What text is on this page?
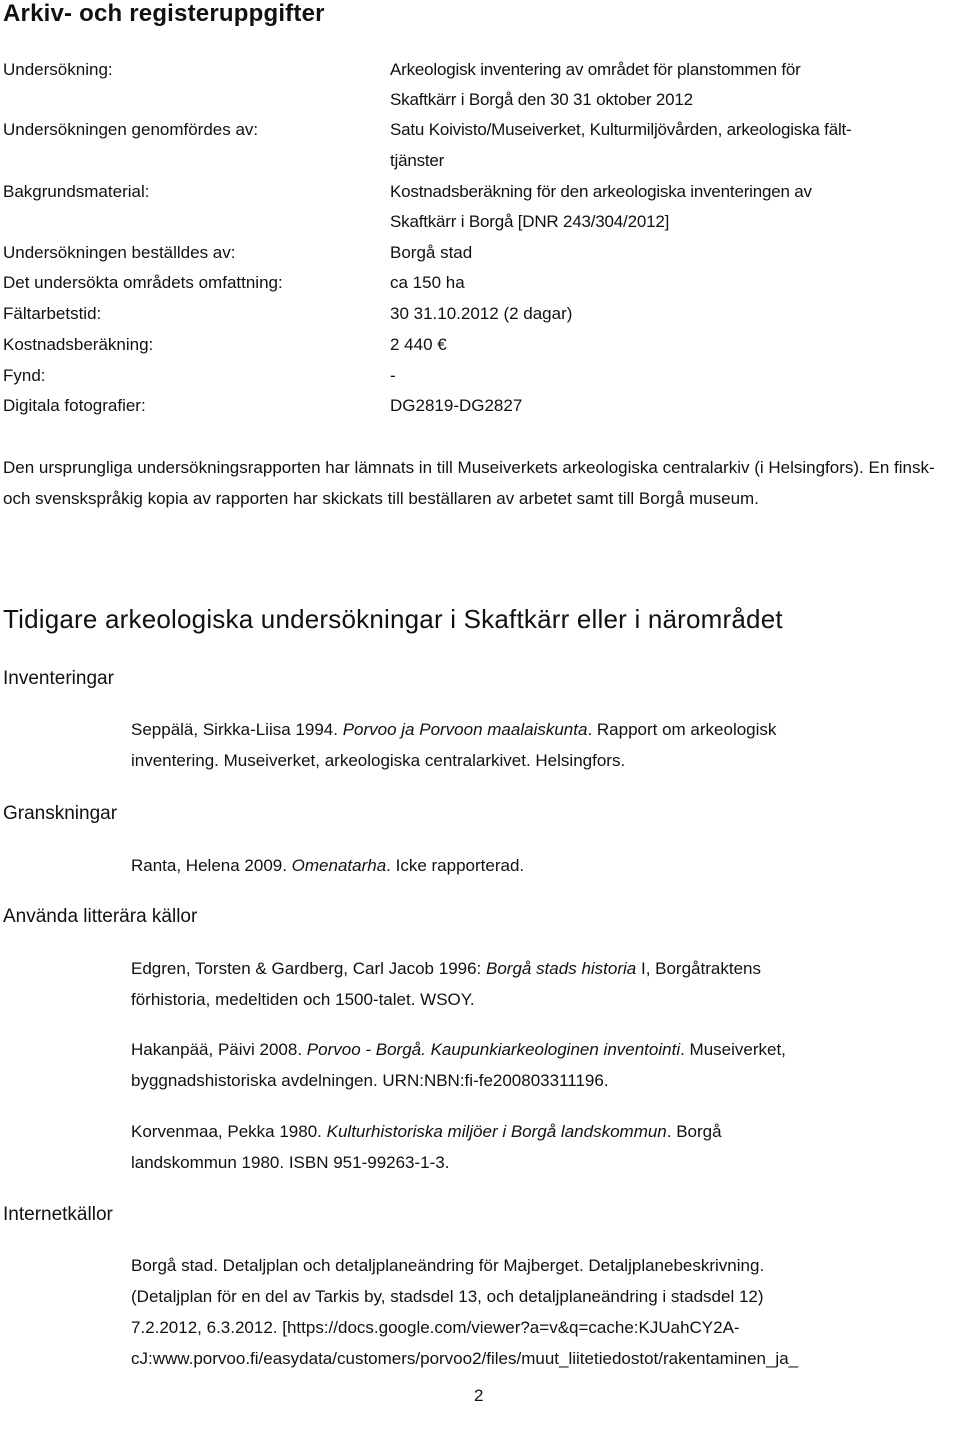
Arkiv- och registeruppgifter
Undersökning:	Arkeologisk inventering av området för planstommen för
Skaftkärr i Borgå den 30 31 oktober 2012
Undersökningen genomfördes av:	Satu Koivisto/Museiverket, Kulturmiljövården, arkeologiska fält-
tjänster
Bakgrundsmaterial:	Kostnadsberäkning för den arkeologiska inventeringen av
Skaftkärr i Borgå [DNR 243/304/2012]
Undersökningen beställdes av:	Borgå stad
Det undersökta områdets omfattning:	ca 150 ha
Fältarbetstid:	30 31.10.2012 (2 dagar)
Kostnadsberäkning:	2 440 €
Fynd:	-
Digitala fotografier:	DG2819-DG2827
Den ursprungliga undersökningsrapporten har lämnats in till Museiverkets arkeologiska centralarkiv (i Helsingfors). En finsk- och svenskspråkig kopia av rapporten har skickats till beställaren av arbetet samt till Borgå museum.
Tidigare arkeologiska undersökningar i Skaftkärr eller i närområdet
Inventeringar
Seppälä, Sirkka-Liisa 1994. Porvoo ja Porvoon maalaiskunta. Rapport om arkeologisk
inventering. Museiverket, arkeologiska centralarkivet. Helsingfors.
Granskningar
Ranta, Helena 2009. Omenatarha. Icke rapporterad.
Använda litterära källor
Edgren, Torsten & Gardberg, Carl Jacob 1996: Borgå stads historia I, Borgåtraktens
förhistoria, medeltiden och 1500-talet. WSOY.
Hakanpää, Päivi 2008. Porvoo - Borgå. Kaupunkiarkeologinen inventointi. Museiverket,
byggnadshistoriska avdelningen. URN:NBN:fi-fe200803311196.
Korvenmaa, Pekka 1980. Kulturhistoriska miljöer i Borgå landskommun. Borgå
landskommun 1980. ISBN 951-99263-1-3.
Internetkällor
Borgå stad. Detaljplan och detaljplaneändring för Majberget. Detaljplanebeskrivning.
(Detaljplan för en del av Tarkis by, stadsdel 13, och detaljplaneändring i stadsdel 12)
7.2.2012, 6.3.2012. [https://docs.google.com/viewer?a=v&q=cache:KJUahCY2A-
cJ:www.porvoo.fi/easydata/customers/porvoo2/files/muut_liitetiedostot/rakentaminen_ja_
2
